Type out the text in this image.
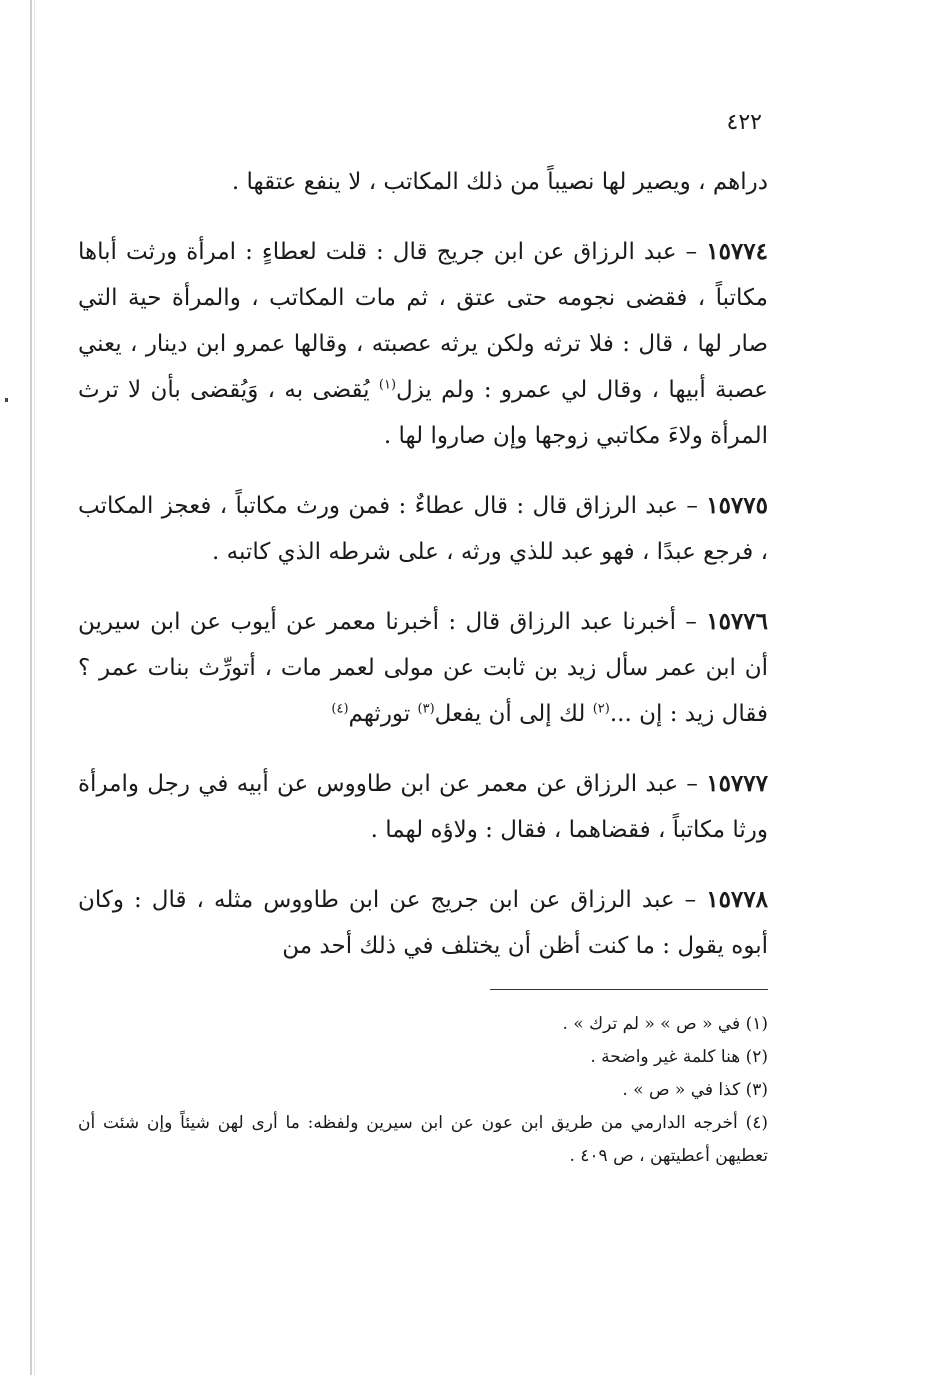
٤٢٢

دراهم ، ويصير لها نصيباً من ذلك المكاتب ، لا ينفع عتقها .

١٥٧٧٤ – عبد الرزاق عن ابن جريج قال : قلت لعطاءٍ : امرأة ورثت أباها مكاتباً ، فقضى نجومه حتى عتق ، ثم مات المكاتب ، والمرأة حية التي صار لها ، قال : فلا ترثه ولكن يرثه عصبته ، وقالها عمرو ابن دينار ، يعني عصبة أبيها ، وقال لي عمرو : ولم يزل$^{(١)}$ يُقضى به ، وَيُقضى بأن لا ترث المرأة ولاءَ مكاتبي زوجها وإن صاروا لها .

١٥٧٧٥ – عبد الرزاق قال : قال عطاءٌ : فمن ورث مكاتباً ، فعجز المكاتب ، فرجع عبدًا ، فهو عبد للذي ورثه ، على شرطه الذي كاتبه .

١٥٧٧٦ – أخبرنا عبد الرزاق قال : أخبرنا معمر عن أيوب عن ابن سيرين أن ابن عمر سأل زيد بن ثابت عن مولى لعمر مات ، أتورِّث بنات عمر ؟ فقال زيد : إن ...$^{(٢)}$ لك إلى أن يفعل$^{(٣)}$ تورثهم$^{(٤)}$

١٥٧٧٧ – عبد الرزاق عن معمر عن ابن طاووس عن أبيه في رجل وامرأة ورثا مكاتباً ، فقضاهما ، فقال : ولاؤه لهما .

١٥٧٧٨ – عبد الرزاق عن ابن جريج عن ابن طاووس مثله ، قال : وكان أبوه يقول : ما كنت أظن أن يختلف في ذلك أحد من

(١) في « ص » « لم ترك » .

(٢) هنا كلمة غير واضحة .

(٣) كذا في « ص » .

(٤) أخرجه الدارمي من طريق ابن عون عن ابن سيرين ولفظه: ما أرى لهن شيئاً وإن شئت أن تعطيهن أعطيتهن ، ص ٤٠٩ .
